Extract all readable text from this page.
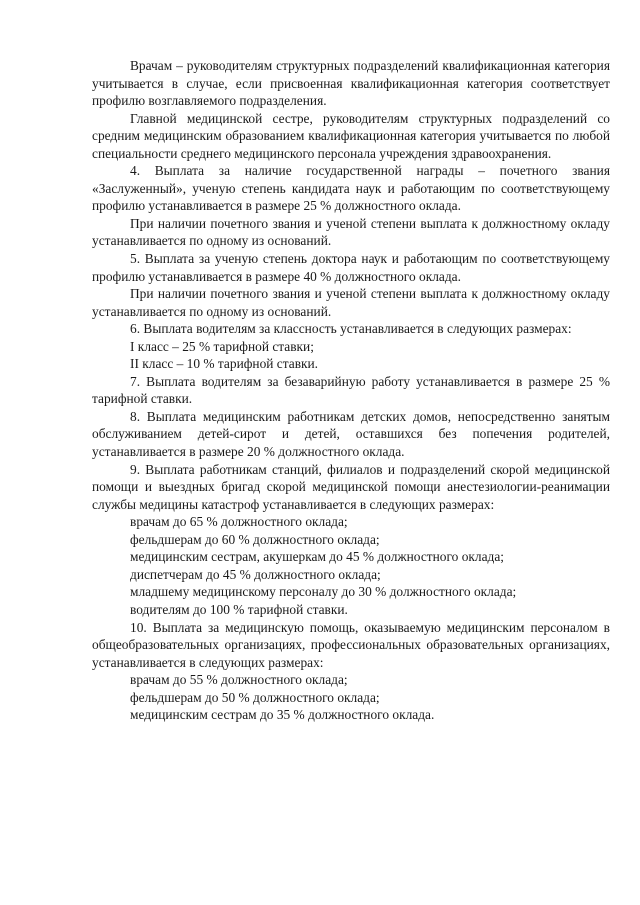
Врачам – руководителям структурных подразделений квалификационная категория учитывается в случае, если присвоенная квалификационная категория соответствует профилю возглавляемого подразделения.

Главной медицинской сестре, руководителям структурных подразделений со средним медицинским образованием квалификационная категория учитывается по любой специальности среднего медицинского персонала учреждения здравоохранения.

4. Выплата за наличие государственной награды – почетного звания «Заслуженный», ученую степень кандидата наук и работающим по соответствующему профилю устанавливается в размере 25 % должностного оклада.

При наличии почетного звания и ученой степени выплата к должностному окладу устанавливается по одному из оснований.

5. Выплата за ученую степень доктора наук и работающим по соответствующему профилю устанавливается в размере 40 % должностного оклада.

При наличии почетного звания и ученой степени выплата к должностному окладу устанавливается по одному из оснований.

6. Выплата водителям за классность устанавливается в следующих размерах:

I класс – 25 % тарифной ставки;

II класс – 10 % тарифной ставки.

7. Выплата водителям за безаварийную работу устанавливается в размере 25 % тарифной ставки.

8. Выплата медицинским работникам детских домов, непосредственно занятым обслуживанием детей-сирот и детей, оставшихся без попечения родителей, устанавливается в размере 20 % должностного оклада.

9. Выплата работникам станций, филиалов и подразделений скорой медицинской помощи и выездных бригад скорой медицинской помощи анестезиологии-реанимации службы медицины катастроф устанавливается в следующих размерах:

врачам до 65 % должностного оклада;

фельдшерам до 60 % должностного оклада;

медицинским сестрам, акушеркам до 45 % должностного оклада;

диспетчерам до 45 % должностного оклада;

младшему медицинскому персоналу до 30 % должностного оклада;

водителям до 100 % тарифной ставки.

10. Выплата за медицинскую помощь, оказываемую медицинским персоналом в общеобразовательных организациях, профессиональных образовательных организациях, устанавливается в следующих размерах:

врачам до 55 % должностного оклада;

фельдшерам до 50 % должностного оклада;

медицинским сестрам до 35 % должностного оклада.
